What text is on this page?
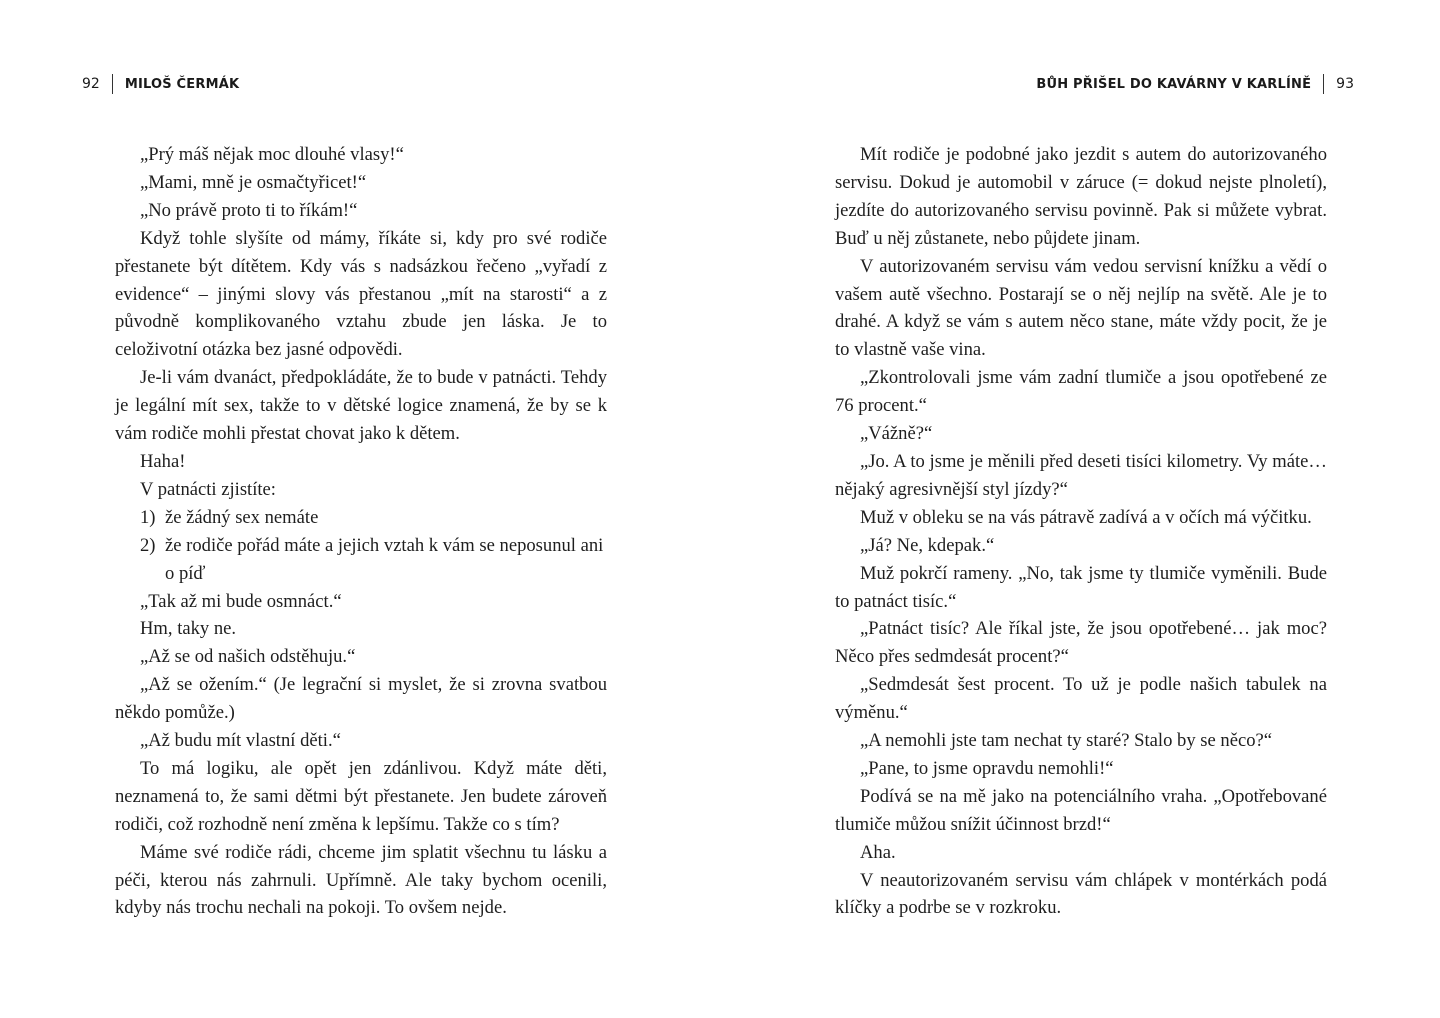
92 MILOŠ ČERMÁK

„Prý máš nějak moc dlouhé vlasy!“

„Mami, mně je osmačtyřicet!“

„No právě proto ti to říkám!“

Když tohle slyšíte od mámy, říkáte si, kdy pro své rodiče přestanete být dítětem. Kdy vás s nadsázkou řečeno „vyřadí z evidence“ – jinými slovy vás přestanou „mít na starosti“ a z původně komplikovaného vztahu zbude jen láska. Je to celoživotní otázka bez jasné odpovědi.

Je-li vám dvanáct, předpokládáte, že to bude v patnácti. Tehdy je legální mít sex, takže to v dětské logice znamená, že by se k vám rodiče mohli přestat chovat jako k dětem.

Haha!

V patnácti zjistíte:

1) že žádný sex nemáte
2) že rodiče pořád máte a jejich vztah k vám se neposunul ani o píď

„Tak až mi bude osmnáct.“

Hm, taky ne.

„Až se od našich odstěhuju.“

„Až se ožením.“ (Je legrační si myslet, že si zrovna svatbou někdo pomůže.)

„Až budu mít vlastní děti.“

To má logiku, ale opět jen zdánlivou. Když máte děti, neznamená to, že sami dětmi být přestanete. Jen budete zároveň rodiči, což rozhodně není změna k lepšímu. Takže co s tím?

Máme své rodiče rádi, chceme jim splatit všechnu tu lásku a péči, kterou nás zahrnuli. Upřímně. Ale taky bychom ocenili, kdyby nás trochu nechali na pokoji. To ovšem nejde.

BŮH PŘIŠEL DO KAVÁRNY V KARLÍNĚ 93

Mít rodiče je podobné jako jezdit s autem do autorizovaného servisu. Dokud je automobil v záruce (= dokud nejste plnoletí), jezdíte do autorizovaného servisu povinně. Pak si můžete vybrat. Buď u něj zůstanete, nebo půjdete jinam.

V autorizovaném servisu vám vedou servisní knížku a vědí o vašem autě všechno. Postarají se o něj nejlíp na světě. Ale je to drahé. A když se vám s autem něco stane, máte vždy pocit, že je to vlastně vaše vina.

„Zkontrolovali jsme vám zadní tlumiče a jsou opotřebené ze 76 procent.“

„Vážně?“

„Jo. A to jsme je měnili před deseti tisíci kilometry. Vy máte… nějaký agresivnější styl jízdy?“

Muž v obleku se na vás pátravě zadívá a v očích má výčitku.

„Já? Ne, kdepak.“

Muž pokrčí rameny. „No, tak jsme ty tlumiče vyměnili. Bude to patnáct tisíc.“

„Patnáct tisíc? Ale říkal jste, že jsou opotřebené… jak moc? Něco přes sedmdesát procent?“

„Sedmdesát šest procent. To už je podle našich tabulek na výměnu.“

„A nemohli jste tam nechat ty staré? Stalo by se něco?“

„Pane, to jsme opravdu nemohli!“

Podívá se na mě jako na potenciálního vraha. „Opotřebované tlumiče můžou snížit účinnost brzd!“

Aha.

V neautorizovaném servisu vám chlápek v montérkách podá klíčky a podrbe se v rozkroku.
